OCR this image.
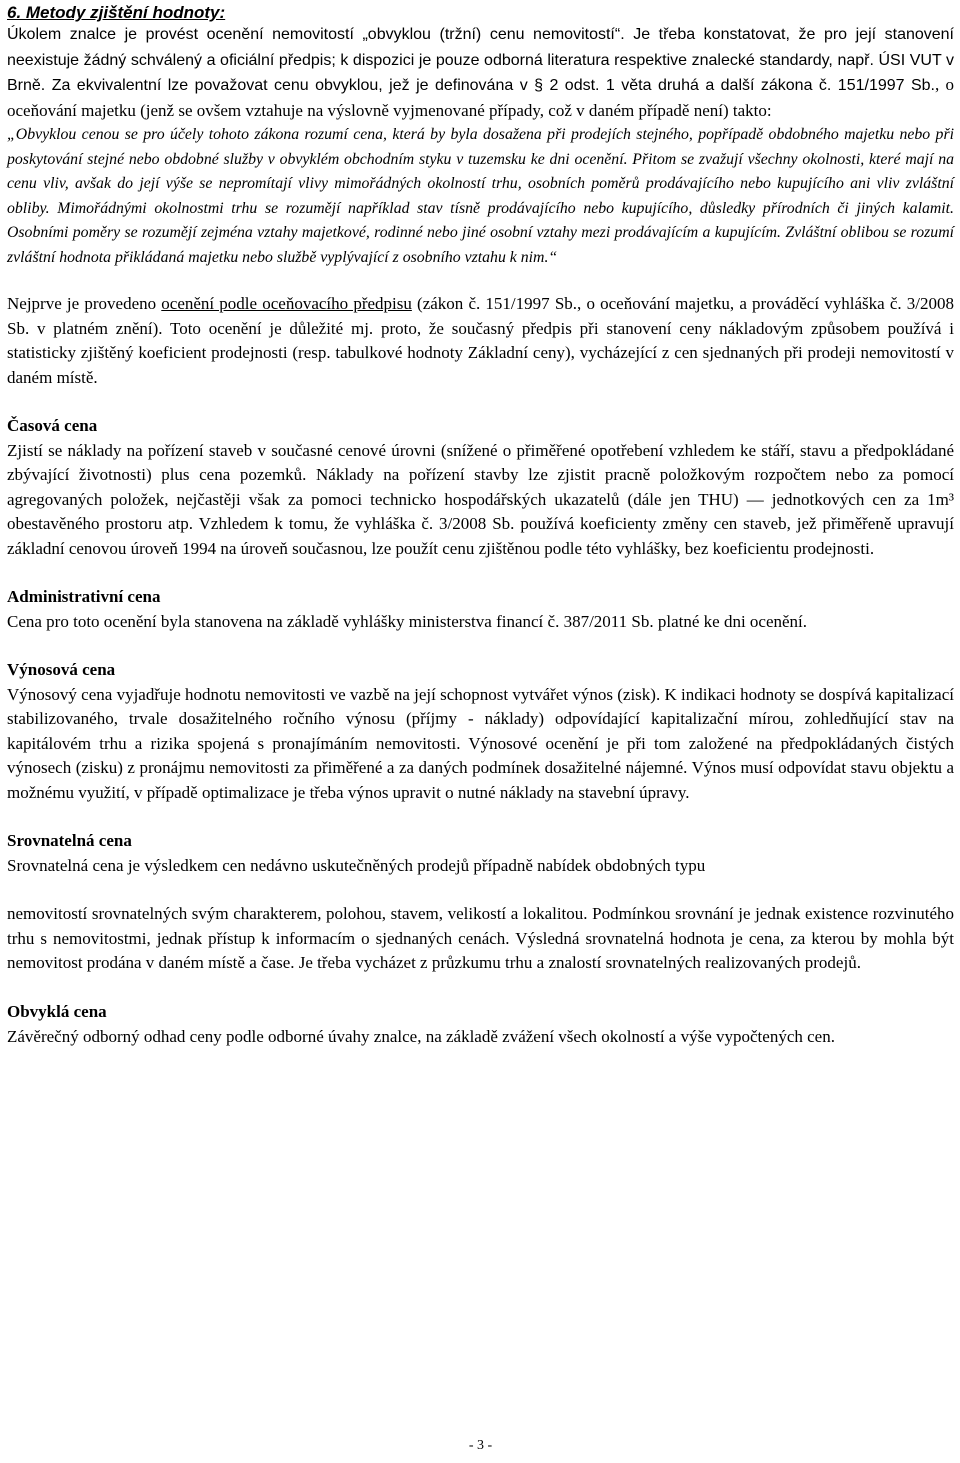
6. Metody zjištění hodnoty:

Úkolem znalce je provést ocenění nemovitostí „obvyklou (tržní) cenu nemovitostí“. Je třeba konstatovat, že pro její stanovení neexistuje žádný schválený a oficiální předpis; k dispozici je pouze odborná literatura respektive znalecké standardy, např. ÚSI VUT v Brně. Za ekvivalentní lze považovat cenu obvyklou, jež je definována v § 2 odst. 1 věta druhá a další zákona č. 151/1997 Sb., o oceňování majetku (jenž se ovšem vztahuje na výslovně vyjmenované případy, což v daném případě není) takto:

„Obvyklou cenou se pro účely tohoto zákona rozumí cena, která by byla dosažena při prodejích stejného, popřípadě obdobného majetku nebo při poskytování stejné nebo obdobné služby v obvyklém obchodním styku v tuzemsku ke dni ocenění. Přitom se zvažují všechny okolnosti, které mají na cenu vliv, avšak do její výše se nepromítají vlivy mimořádných okolností trhu, osobních poměrů prodávajícího nebo kupujícího ani vliv zvláštní obliby. Mimořádnými okolnostmi trhu se rozumějí například stav tísně prodávajícího nebo kupujícího, důsledky přírodních či jiných kalamit. Osobními poměry se rozumějí zejména vztahy majetkové, rodinné nebo jiné osobní vztahy mezi prodávajícím a kupujícím. Zvláštní oblibou se rozumí zvláštní hodnota přikládaná majetku nebo službě vyplývající z osobního vztahu k nim.“

Nejprve je provedeno ocenění podle oceňovacího předpisu (zákon č. 151/1997 Sb., o oceňování majetku, a prováděcí vyhláška č. 3/2008 Sb. v platném znění). Toto ocenění je důležité mj. proto, že současný předpis při stanovení ceny nákladovým způsobem používá i statisticky zjištěný koeficient prodejnosti (resp. tabulkové hodnoty Základní ceny), vycházející z cen sjednaných při prodeji nemovitostí v daném místě.

Časová cena

Zjistí se náklady na pořízení staveb v současné cenové úrovni (snížené o přiměřené opotřebení vzhledem ke stáří, stavu a předpokládané zbývající životnosti) plus cena pozemků. Náklady na pořízení stavby lze zjistit pracně položkovým rozpočtem nebo za pomocí agregovaných položek, nejčastěji však za pomoci technicko hospodářských ukazatelů (dále jen THU) — jednotkových cen za 1m³ obestavěného prostoru atp. Vzhledem k tomu, že vyhláška č. 3/2008 Sb. používá koeficienty změny cen staveb, jež přiměřeně upravují základní cenovou úroveň 1994 na úroveň současnou, lze použít cenu zjištěnou podle této vyhlášky, bez koeficientu prodejnosti.

Administrativní cena

Cena pro toto ocenění byla stanovena na základě vyhlášky ministerstva financí č. 387/2011 Sb. platné ke dni ocenění.

Výnosová cena

Výnosový cena vyjadřuje hodnotu nemovitosti ve vazbě na její schopnost vytvářet výnos (zisk). K indikaci hodnoty se dospívá kapitalizací stabilizovaného, trvale dosažitelného ročního výnosu (příjmy - náklady) odpovídající kapitalizační mírou, zohledňující stav na kapitálovém trhu a rizika spojená s pronajímáním nemovitosti. Výnosové ocenění je při tom založené na předpokládaných čistých výnosech (zisku) z pronájmu nemovitosti za přiměřené a za daných podmínek dosažitelné nájemné. Výnos musí odpovídat stavu objektu a možnému využití, v případě optimalizace je třeba výnos upravit o nutné náklady na stavební úpravy.

Srovnatelná cena

Srovnatelná cena je výsledkem cen nedávno uskutečněných prodejů případně nabídek obdobných typu

nemovitostí srovnatelných svým charakterem, polohou, stavem, velikostí a lokalitou. Podmínkou srovnání je jednak existence rozvinutého trhu s nemovitostmi, jednak přístup k informacím o sjednaných cenách. Výsledná srovnatelná hodnota je cena, za kterou by mohla být nemovitost prodána v daném místě a čase. Je třeba vycházet z průzkumu trhu a znalostí srovnatelných realizovaných prodejů.

Obvyklá cena

Závěrečný odborný odhad ceny podle odborné úvahy znalce, na základě zvážení všech okolností a výše vypočtených cen.

- 3 -
